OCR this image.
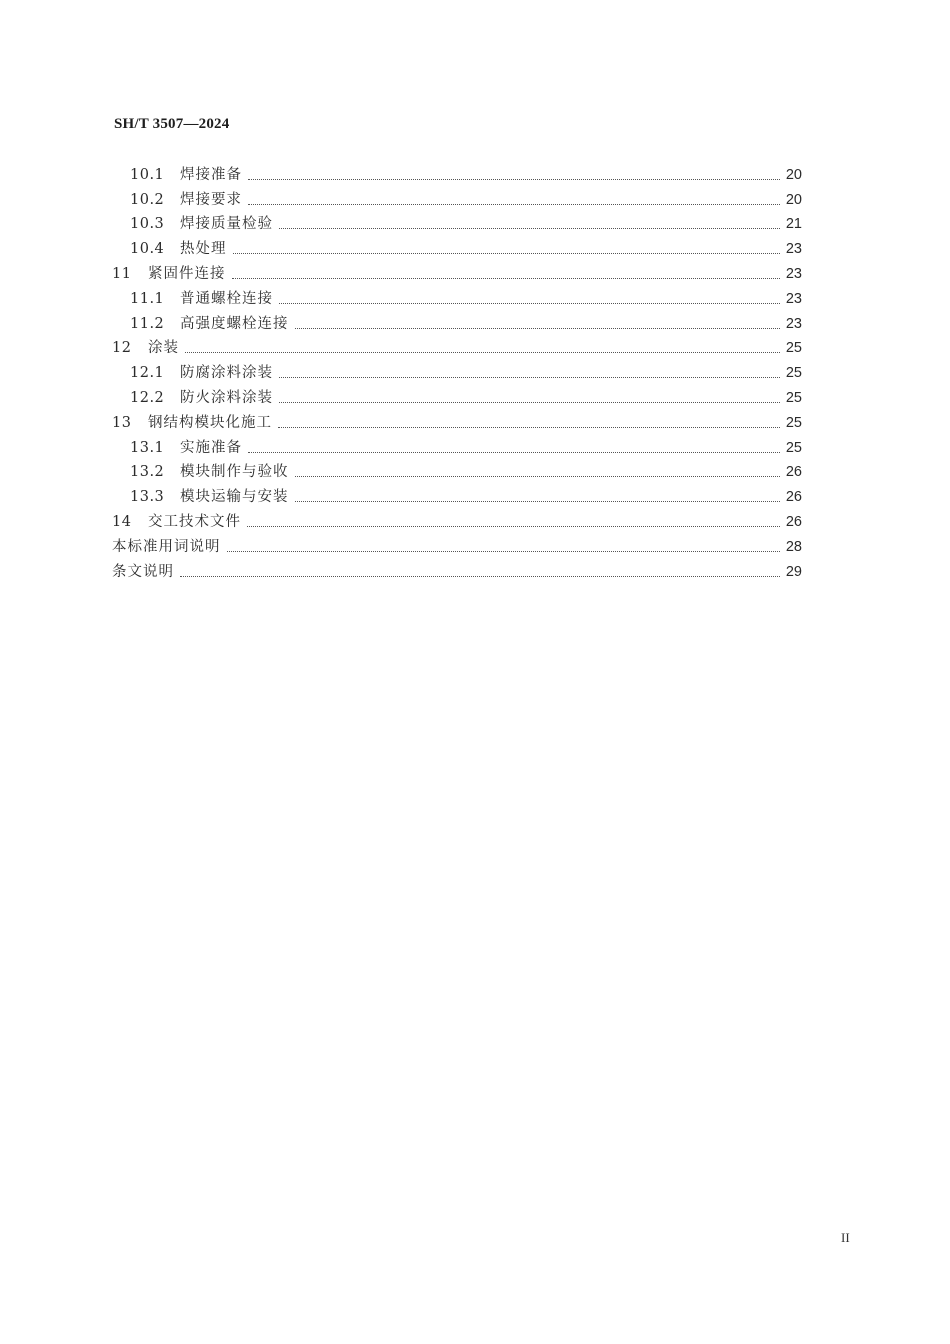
SH/T 3507—2024
10.1	焊接准备	20
10.2	焊接要求	20
10.3	焊接质量检验	21
10.4	热处理	23
11	紧固件连接	23
11.1	普通螺栓连接	23
11.2	高强度螺栓连接	23
12	涂装	25
12.1	防腐涂料涂装	25
12.2	防火涂料涂装	25
13	钢结构模块化施工	25
13.1	实施准备	25
13.2	模块制作与验收	26
13.3	模块运输与安装	26
14	交工技术文件	26
本标准用词说明	28
条文说明	29
II
